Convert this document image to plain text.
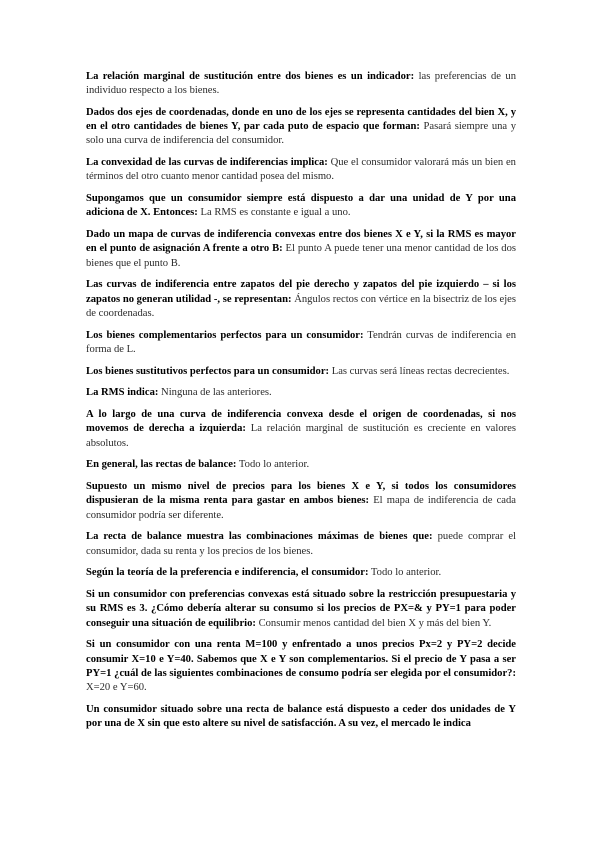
La relación marginal de sustitución entre dos bienes es un indicador: las preferencias de un individuo respecto a los bienes.

Dados dos ejes de coordenadas, donde en uno de los ejes se representa cantidades del bien X, y en el otro cantidades de bienes Y, par cada puto de espacio que forman: Pasará siempre una y solo una curva de indiferencia del consumidor.

La convexidad de las curvas de indiferencias implica: Que el consumidor valorará más un bien en términos del otro cuanto menor cantidad posea del mismo.

Supongamos que un consumidor siempre está dispuesto a dar una unidad de Y por una adiciona de X. Entonces: La RMS es constante e igual a uno.

Dado un mapa de curvas de indiferencia convexas entre dos bienes X e Y, si la RMS es mayor en el punto de asignación A frente a otro B: El punto A puede tener una menor cantidad de los dos bienes que el punto B.

Las curvas de indiferencia entre zapatos del pie derecho y zapatos del pie izquierdo – si los zapatos no generan utilidad -, se representan: Ángulos rectos con vértice en la bisectriz de los ejes de coordenadas.

Los bienes complementarios perfectos para un consumidor: Tendrán curvas de indiferencia en forma de L.

Los bienes sustitutivos perfectos para un consumidor: Las curvas será líneas rectas decrecientes.

La RMS indica: Ninguna de las anteriores.

A lo largo de una curva de indiferencia convexa desde el origen de coordenadas, si nos movemos de derecha a izquierda: La relación marginal de sustitución es creciente en valores absolutos.

En general, las rectas de balance: Todo lo anterior.

Supuesto un mismo nivel de precios para los bienes X e Y, si todos los consumidores dispusieran de la misma renta para gastar en ambos bienes: El mapa de indiferencia de cada consumidor podría ser diferente.

La recta de balance muestra las combinaciones máximas de bienes que: puede comprar el consumidor, dada su renta y los precios de los bienes.

Según la teoría de la preferencia e indiferencia, el consumidor: Todo lo anterior.

Si un consumidor con preferencias convexas está situado sobre la restricción presupuestaria y su RMS es 3. ¿Cómo debería alterar su consumo si los precios de PX=& y PY=1 para poder conseguir una situación de equilibrio: Consumir menos cantidad del bien X y más del bien Y.

Si un consumidor con una renta M=100 y enfrentado a unos precios Px=2 y PY=2 decide consumir X=10 e Y=40. Sabemos que X e Y son complementarios. Si el precio de Y pasa a ser PY=1 ¿cuál de las siguientes combinaciones de consumo podría ser elegida por el consumidor?: X=20 e Y=60.

Un consumidor situado sobre una recta de balance está dispuesto a ceder dos unidades de Y por una de X sin que esto altere su nivel de satisfacción. A su vez, el mercado le indica
